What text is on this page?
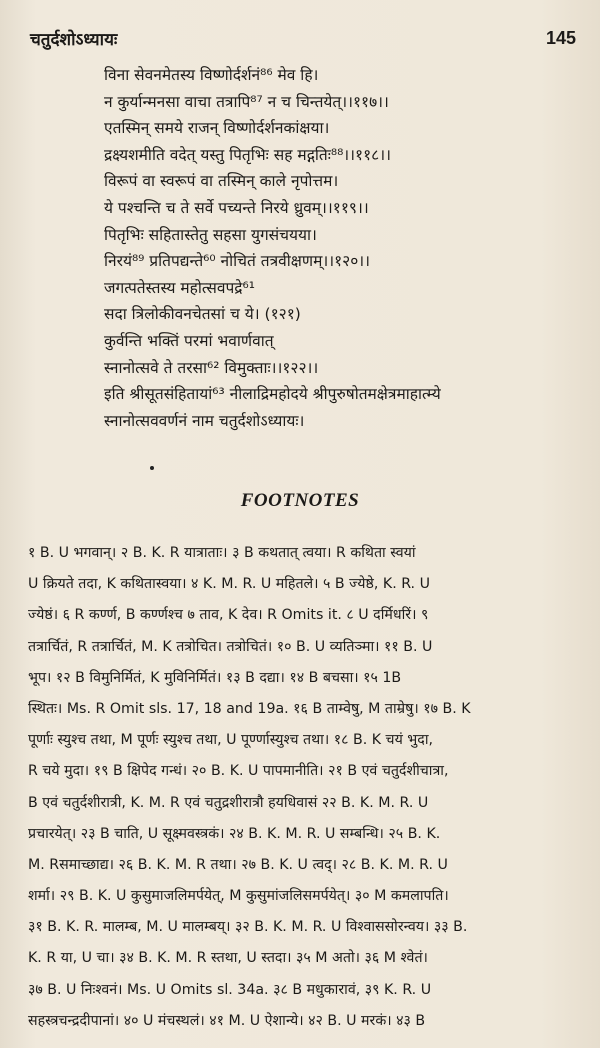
चतुर्दशोऽध्यायः	145
विना सेवनमेतस्य विष्णोर्दर्शनं⁸⁶ मेव हि।
न कुर्यान्मनसा वाचा तत्रापि⁸⁷ न च चिन्तयेत्।।११७।।
एतस्मिन् समये राजन् विष्णोर्दर्शनकांक्षया।
द्रक्ष्यशमीति वदेत् यस्तु पितृभिः सह मद्गतिः⁸⁸।।११८।।
विरूपं वा स्वरूपं वा तस्मिन् काले नृपोत्तम।
ये पश्चन्ति च ते सर्वे पच्यन्ते निरये ध्रुवम्।।११९।।
पितृभिः सहितास्तेतु सहसा युगसंचयया।
निरयं⁸⁹ प्रतिपद्यन्ते⁶⁰ नोचितं तत्रवीक्षणम्।।१२०।।
जगत्पतेस्तस्य महोत्सवपद्रे⁶¹
सदा त्रिलोकीवनचेतसां च ये। (१२१)
कुर्वन्ति भक्तिं परमां भवार्णवात्
स्नानोत्सवे ते तरसा⁶² विमुक्ताः।।१२२।।
इति श्रीसूतसंहितायां⁶³ नीलाद्रिमहोदये श्रीपुरुषोतमक्षेत्रमाहात्म्ये
स्नानोत्सववर्णनं नाम चतुर्दशोऽध्यायः।
FOOTNOTES
१ B. U भगवान्। २ B. K. R यात्राताः। ३ B कथतात् त्वया। R कथिता स्वयां
U क्रियते तदा, K कथितास्वया। ४ K. M. R. U महितले। ५ B ज्येष्ठे, K. R. U
ज्येष्ठं। ६ R कर्ण्ण, B कर्ण्णश्च ७ ताव, K देव। R Omits it. ८ U दर्मिधरिं। ९
तत्रार्चितं, R तत्रार्चितं, M. K तत्रोचित। तत्रोचितं। १० B. U व्यतिञ्मा। ११ B. U
भूप। १२ B विमुनिर्मितं, K मुविनिर्मितं। १३ B दद्या। १४ B बचसा। १५ 1B
स्थितः। Ms. R Omit sls. 17, 18 and 19a. १६ B ताम्वेषु, M ताम्रेषु। १७ B. K
पूर्णाः स्युश्च तथा, M पूर्णः स्युश्च तथा, U पूर्ण्णास्युश्च तथा। १८ B. K चयं भुदा,
R चये मुदा। १९ B क्षिपेद गन्धं। २० B. K. U पापमानीति। २१ B एवं चतुर्दशीचात्रा,
B एवं चतुर्दशीरात्री, K. M. R एवं चतुद्रशीरात्रौ हयधिवासं २२ B. K. M. R. U
प्रचारयेत्। २३ B चाति, U सूक्ष्मवस्त्रकं। २४ B. K. M. R. U सम्बन्धि। २५ B. K.
M. Rसमाच्छाद्य। २६ B. K. M. R तथा। २७ B. K. U त्वद्। २८ B. K. M. R. U
शर्मा। २९ B. K. U कुसुमाजलिमर्पयेत्, M कुसुमांजलिसमर्पयेत्। ३० M कमलापति।
३१ B. K. R. मालम्ब, M. U मालम्बय्। ३२ B. K. M. R. U विश्वाससोरन्वय। ३३ B.
K. R या, U चा। ३४ B. K. M. R स्तथा, U स्तदा। ३५ M अतो। ३६ M श्वेतं।
३७ B. U निःश्वनं। Ms. U Omits sl. 34a. ३८ B मधुकारावं, ३९ K. R. U
सहस्त्रचन्द्रदीपानां। ४० U मंचस्थलं। ४१ M. U ऐशान्ये। ४२ B. U मरकं। ४३ B
